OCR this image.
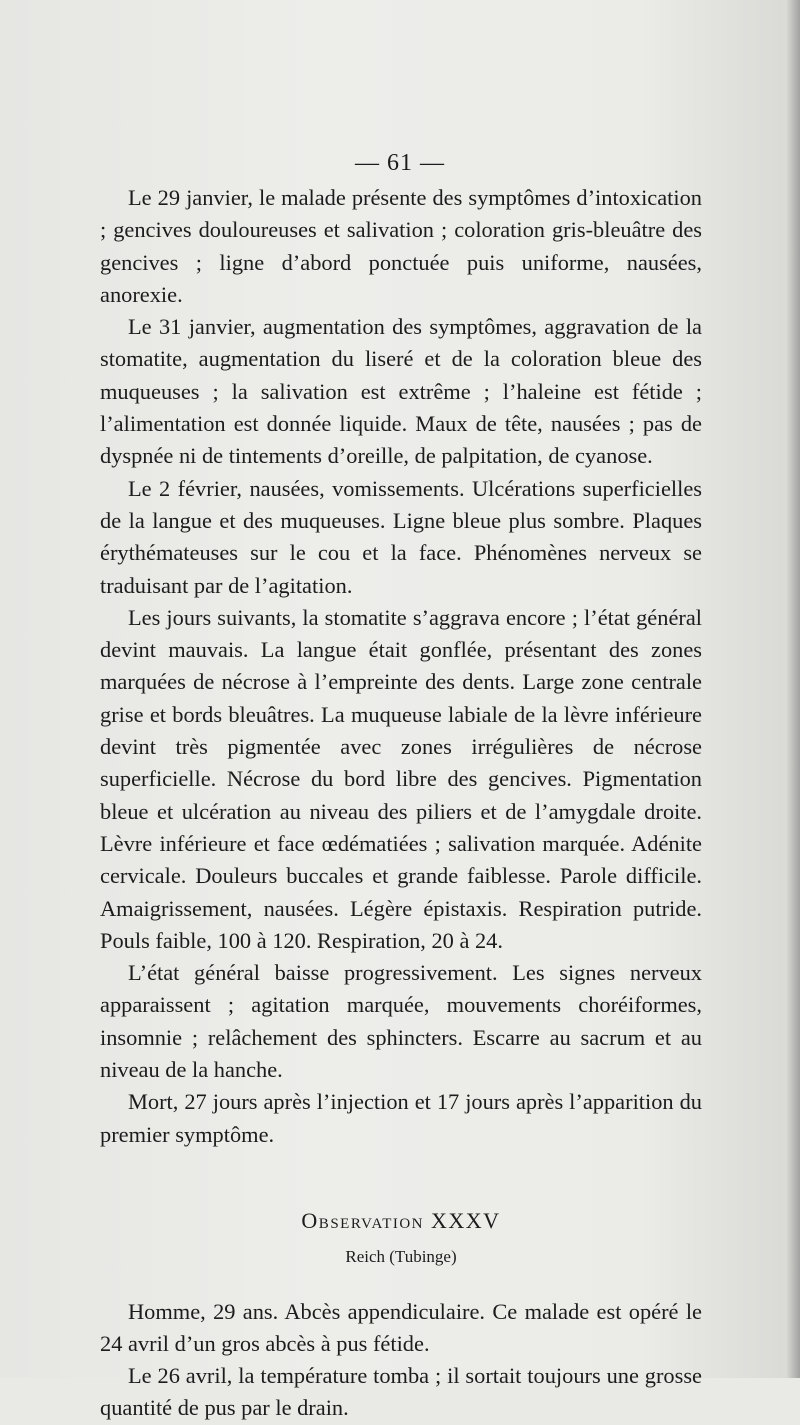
— 61 —

Le 29 janvier, le malade présente des symptômes d’intoxication ; gencives douloureuses et salivation ; coloration gris-bleuâtre des gencives ; ligne d’abord ponctuée puis uniforme, nausées, anorexie.

Le 31 janvier, augmentation des symptômes, aggravation de la stomatite, augmentation du liseré et de la coloration bleue des muqueuses ; la salivation est extrême ; l’haleine est fétide ; l’alimentation est donnée liquide. Maux de tête, nausées ; pas de dyspnée ni de tintements d’oreille, de palpitation, de cyanose.

Le 2 février, nausées, vomissements. Ulcérations superficielles de la langue et des muqueuses. Ligne bleue plus sombre. Plaques érythémateuses sur le cou et la face. Phénomènes nerveux se traduisant par de l’agitation.

Les jours suivants, la stomatite s’aggrava encore ; l’état général devint mauvais. La langue était gonflée, présentant des zones marquées de nécrose à l’empreinte des dents. Large zone centrale grise et bords bleuâtres. La muqueuse labiale de la lèvre inférieure devint très pigmentée avec zones irrégulières de nécrose superficielle. Nécrose du bord libre des gencives. Pigmentation bleue et ulcération au niveau des piliers et de l’amygdale droite. Lèvre inférieure et face œdématiées ; salivation marquée. Adénite cervicale. Douleurs buccales et grande faiblesse. Parole difficile. Amaigrissement, nausées. Légère épistaxis. Respiration putride. Pouls faible, 100 à 120. Respiration, 20 à 24.

L’état général baisse progressivement. Les signes nerveux apparaissent ; agitation marquée, mouvements choréiformes, insomnie ; relâchement des sphincters. Escarre au sacrum et au niveau de la hanche.

Mort, 27 jours après l’injection et 17 jours après l’apparition du premier symptôme.

Observation XXXV

Reich (Tubinge)

Homme, 29 ans. Abcès appendiculaire. Ce malade est opéré le 24 avril d’un gros abcès à pus fétide.

Le 26 avril, la température tomba ; il sortait toujours une grosse quantité de pus par le drain.
